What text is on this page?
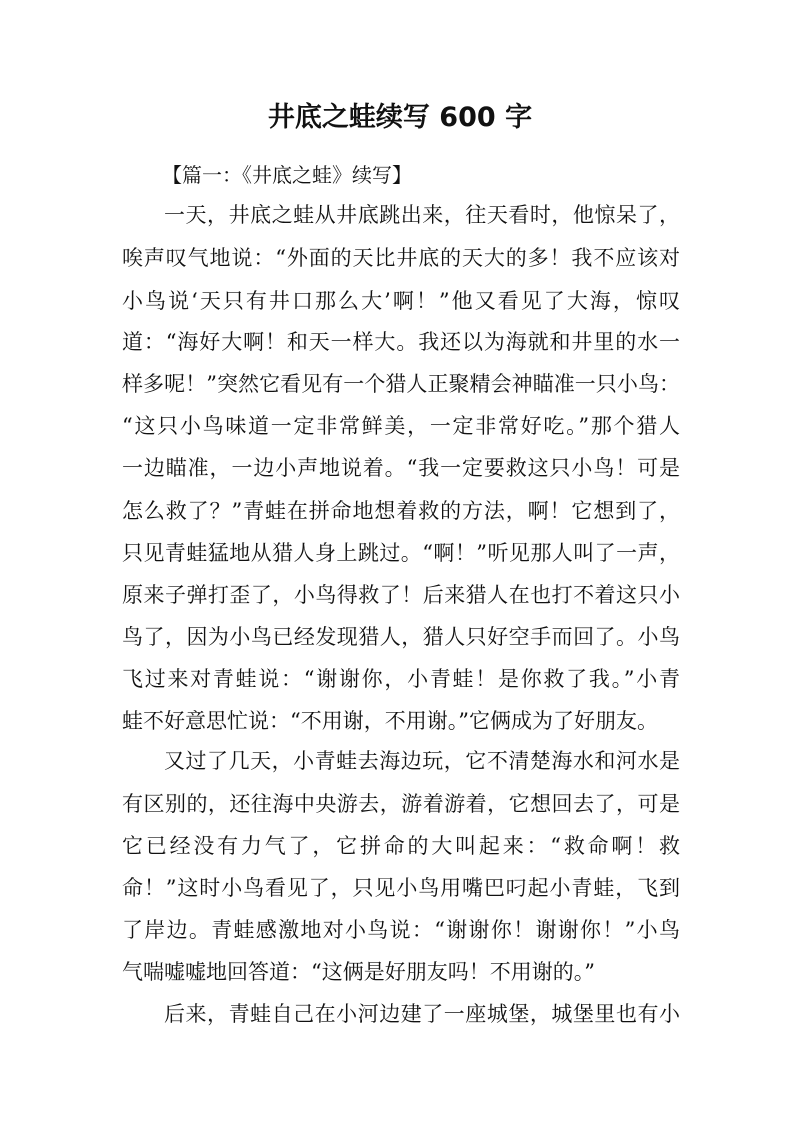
井底之蛙续写 600 字

【篇一：《井底之蛙》续写】

一天，井底之蛙从井底跳出来，往天看时，他惊呆了，

唉声叹气地说：“外面的天比井底的天大的多！我不应该对

小鸟说‘天只有井口那么大’啊！”他又看见了大海，惊叹

道：“海好大啊！和天一样大。我还以为海就和井里的水一

样多呢！”突然它看见有一个猎人正聚精会神瞄准一只小鸟：

“这只小鸟味道一定非常鲜美，一定非常好吃。”那个猎人

一边瞄准，一边小声地说着。“我一定要救这只小鸟！可是

怎么救了？”青蛙在拼命地想着救的方法，啊！它想到了，

只见青蛙猛地从猎人身上跳过。“啊！”听见那人叫了一声，

原来子弹打歪了，小鸟得救了！后来猎人在也打不着这只小

鸟了，因为小鸟已经发现猎人，猎人只好空手而回了。小鸟

飞过来对青蛙说：“谢谢你，小青蛙！是你救了我。”小青

蛙不好意思忙说：“不用谢，不用谢。”它俩成为了好朋友。

又过了几天，小青蛙去海边玩，它不清楚海水和河水是

有区别的，还往海中央游去，游着游着，它想回去了，可是

它已经没有力气了，它拼命的大叫起来：“救命啊！救

命！”这时小鸟看见了，只见小鸟用嘴巴叼起小青蛙，飞到

了岸边。青蛙感激地对小鸟说：“谢谢你！谢谢你！”小鸟

气喘嘘嘘地回答道：“这俩是好朋友吗！不用谢的。”

后来，青蛙自己在小河边建了一座城堡，城堡里也有小
